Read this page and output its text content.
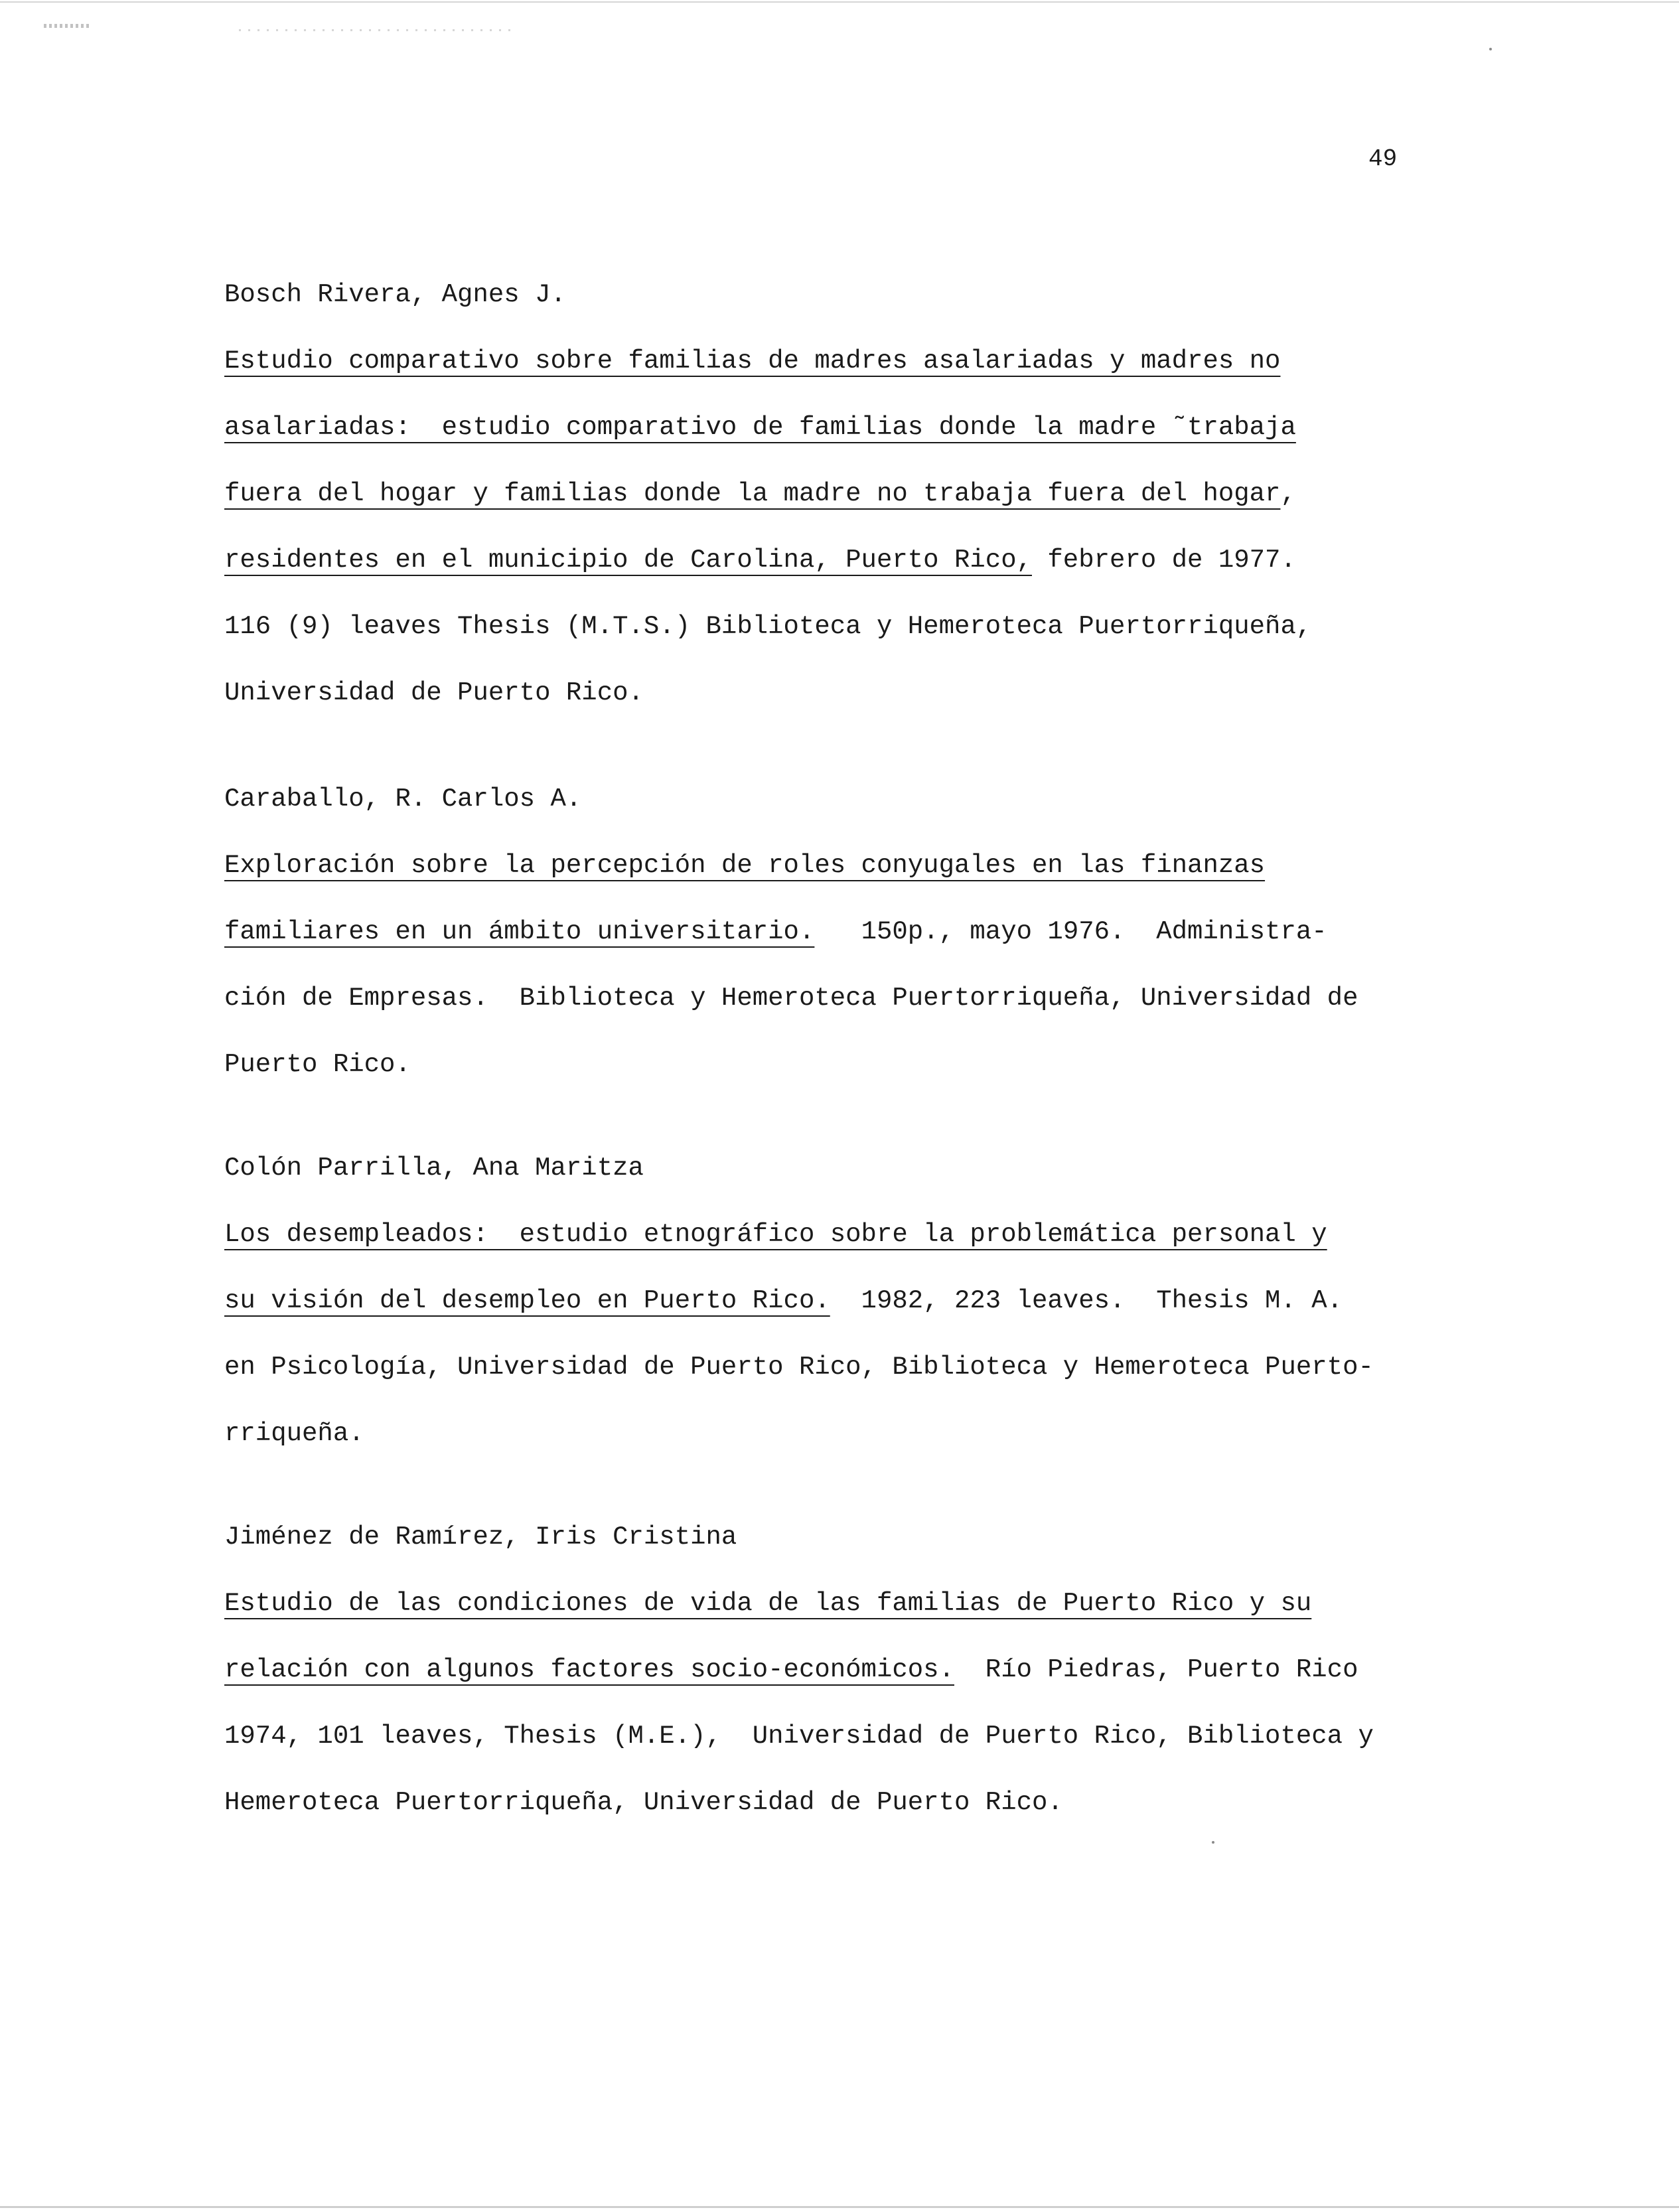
49
Bosch Rivera, Agnes J.
Estudio comparativo sobre familias de madres asalariadas y madres no
asalariadas:  estudio comparativo de familias donde la madre ˜trabaja
fuera del hogar y familias donde la madre no trabaja fuera del hogar,
residentes en el municipio de Carolina, Puerto Rico, febrero de 1977.
116 (9) leaves Thesis (M.T.S.) Biblioteca y Hemeroteca Puertorriqueña,
Universidad de Puerto Rico.
Caraballo, R. Carlos A.
Exploración sobre la percepción de roles conyugales en las finanzas
familiares en un ámbito universitario.   150p., mayo 1976.  Administra-
ción de Empresas.  Biblioteca y Hemeroteca Puertorriqueña, Universidad de
Puerto Rico.
Colón Parrilla, Ana Maritza
Los desempleados:  estudio etnográfico sobre la problemática personal y
su visión del desempleo en Puerto Rico.  1982, 223 leaves.  Thesis M. A.
en Psicología, Universidad de Puerto Rico, Biblioteca y Hemeroteca Puerto-
rriqueña.
Jiménez de Ramírez, Iris Cristina
Estudio de las condiciones de vida de las familias de Puerto Rico y su
relación con algunos factores socio-económicos.  Río Piedras, Puerto Rico
1974, 101 leaves, Thesis (M.E.),  Universidad de Puerto Rico, Biblioteca y
Hemeroteca Puertorriqueña, Universidad de Puerto Rico.
